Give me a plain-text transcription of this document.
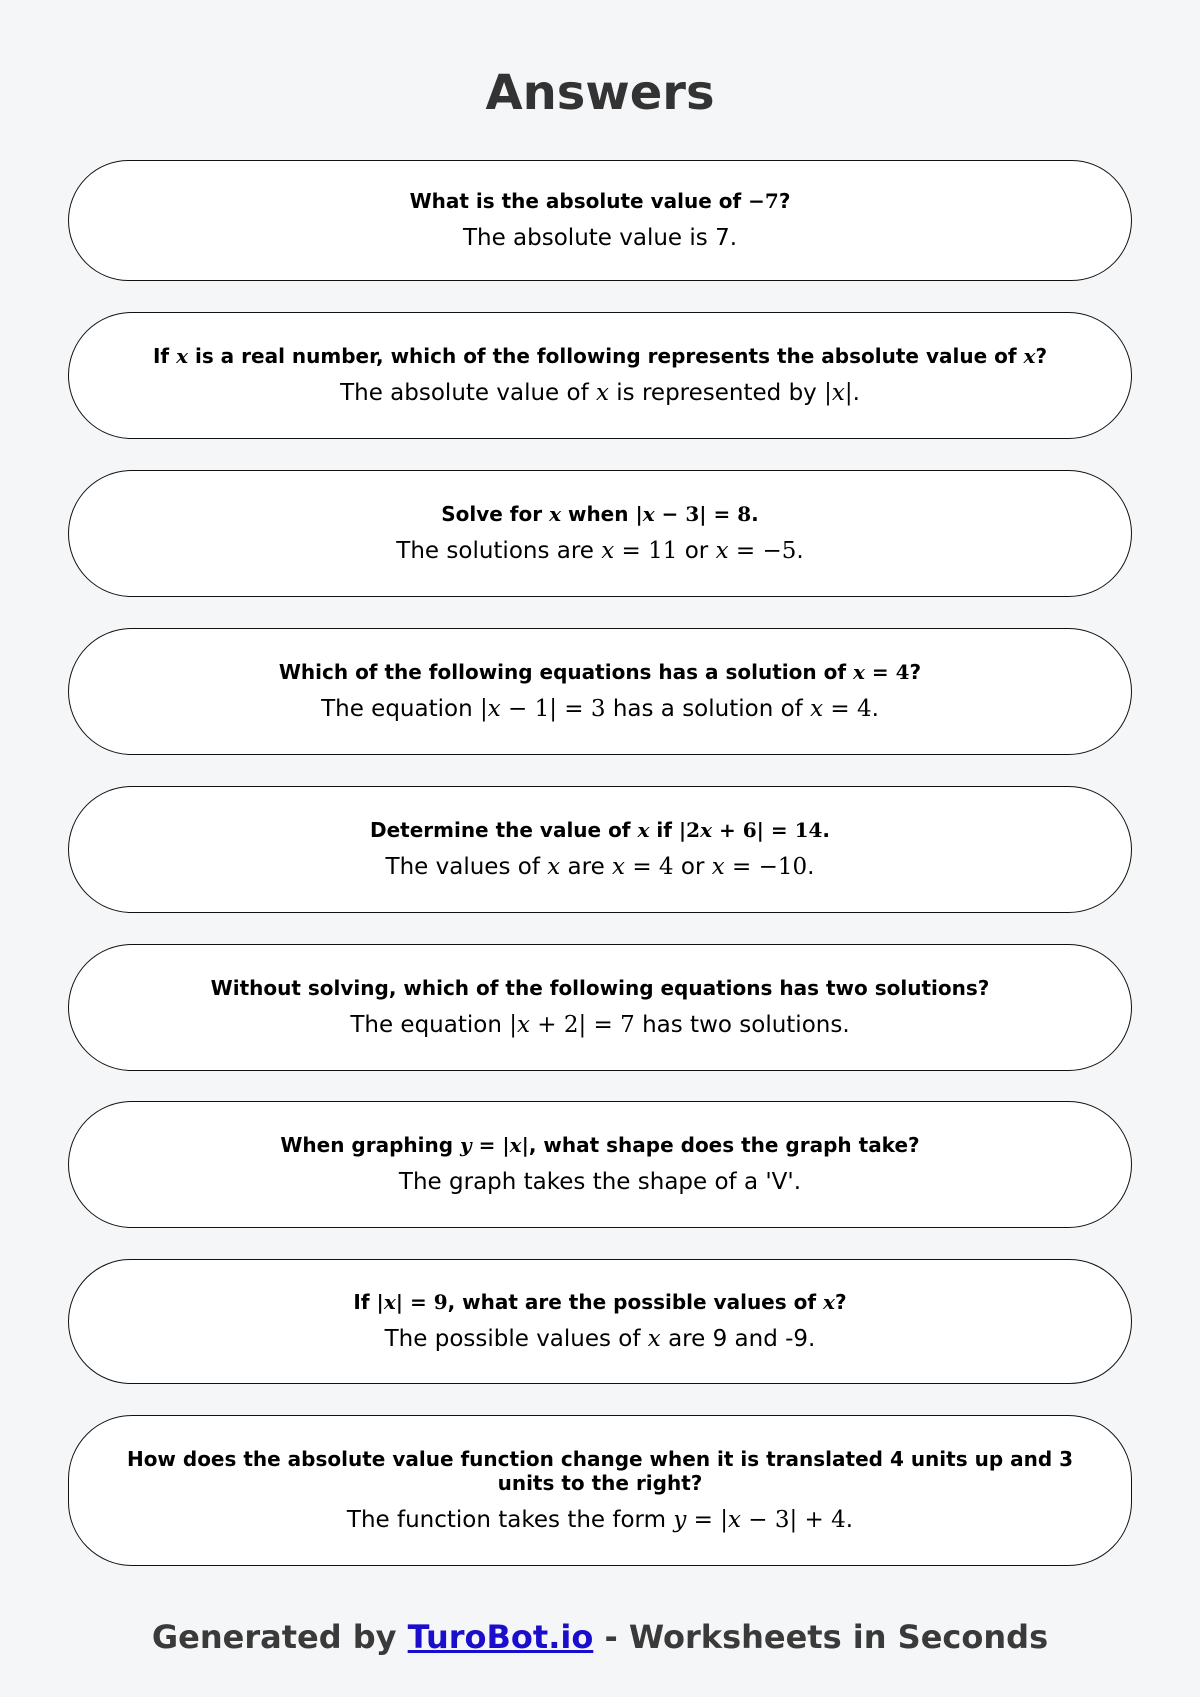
Answers

What is the absolute value of −7?

The absolute value is 7.

If x is a real number, which of the following represents the absolute value of x?

The absolute value of x is represented by |x|.

Solve for x when |x − 3| = 8.

The solutions are x = 11 or x = −5.

Which of the following equations has a solution of x = 4?

The equation |x − 1| = 3 has a solution of x = 4.

Determine the value of x if |2x + 6| = 14.

The values of x are x = 4 or x = −10.

Without solving, which of the following equations has two solutions?

The equation |x + 2| = 7 has two solutions.

When graphing y = |x|, what shape does the graph take?

The graph takes the shape of a 'V'.

If |x| = 9, what are the possible values of x?

The possible values of x are 9 and -9.

How does the absolute value function change when it is translated 4 units up and 3 units to the right?

The function takes the form y = |x − 3| + 4.

Generated by TuroBot.io - Worksheets in Seconds
